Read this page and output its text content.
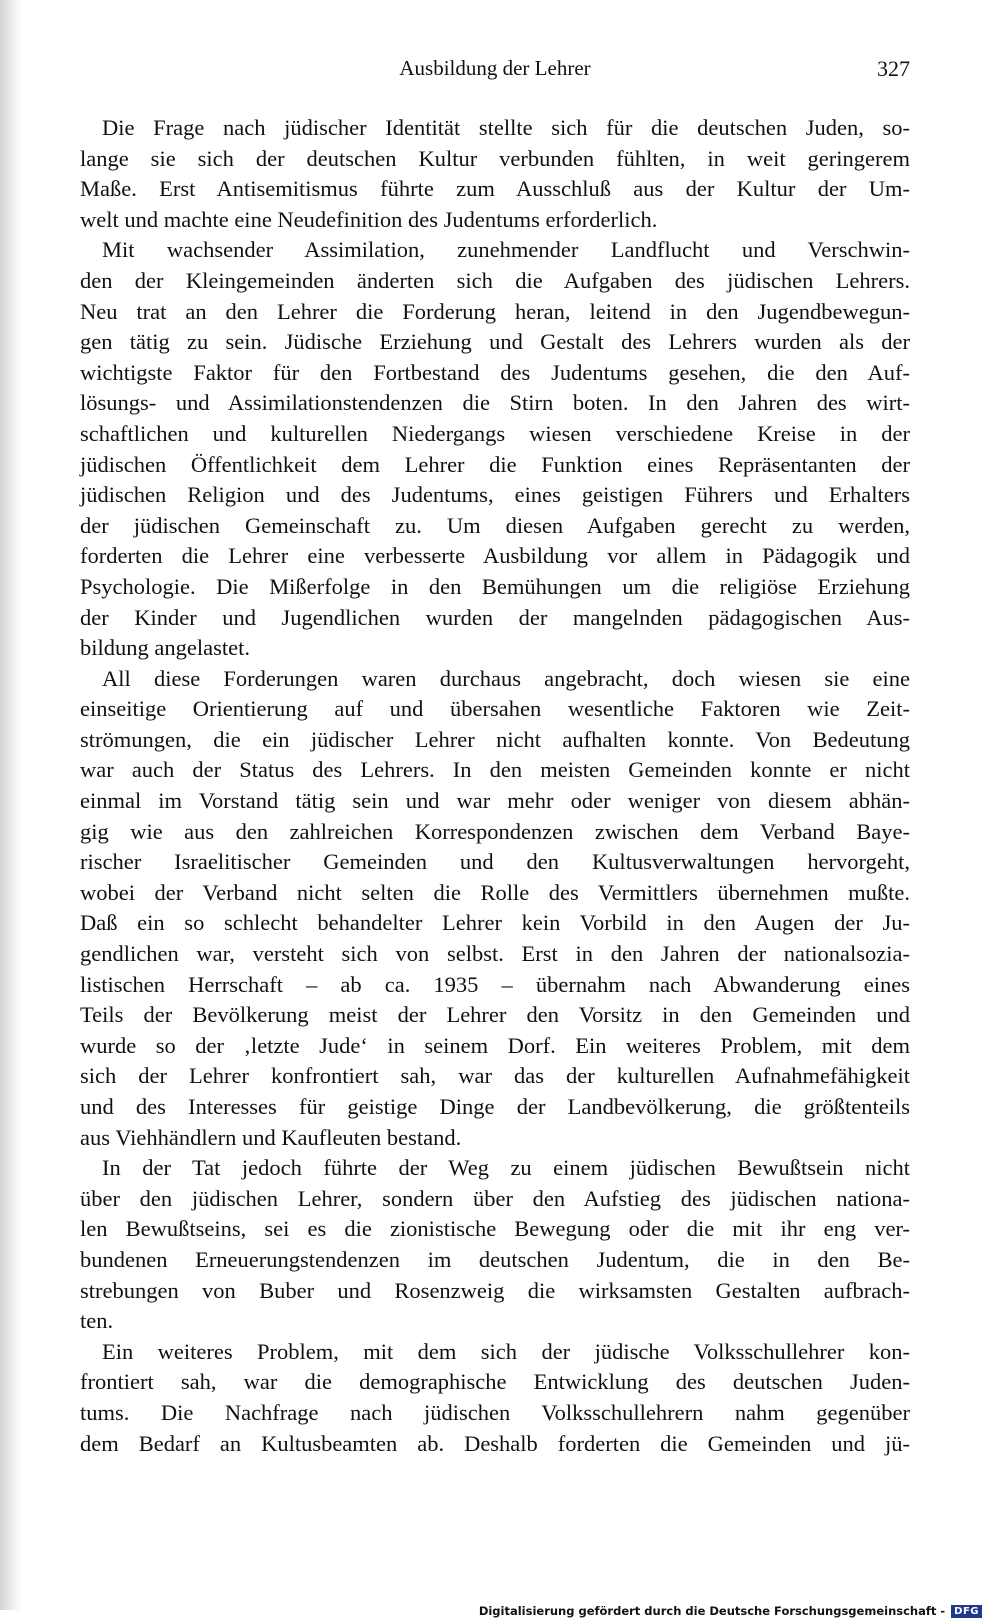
Ausbildung der Lehrer	327
Die Frage nach jüdischer Identität stellte sich für die deutschen Juden, so-
lange sie sich der deutschen Kultur verbunden fühlten, in weit geringerem
Maße. Erst Antisemitismus führte zum Ausschluß aus der Kultur der Um-
welt und machte eine Neudefinition des Judentums erforderlich.
Mit wachsender Assimilation, zunehmender Landflucht und Verschwin-
den der Kleingemeinden änderten sich die Aufgaben des jüdischen Lehrers.
Neu trat an den Lehrer die Forderung heran, leitend in den Jugendbewegun-
gen tätig zu sein. Jüdische Erziehung und Gestalt des Lehrers wurden als der
wichtigste Faktor für den Fortbestand des Judentums gesehen, die den Auf-
lösungs- und Assimilationstendenzen die Stirn boten. In den Jahren des wirt-
schaftlichen und kulturellen Niedergangs wiesen verschiedene Kreise in der
jüdischen Öffentlichkeit dem Lehrer die Funktion eines Repräsentanten der
jüdischen Religion und des Judentums, eines geistigen Führers und Erhalters
der jüdischen Gemeinschaft zu. Um diesen Aufgaben gerecht zu werden,
forderten die Lehrer eine verbesserte Ausbildung vor allem in Pädagogik und
Psychologie. Die Mißerfolge in den Bemühungen um die religiöse Erziehung
der Kinder und Jugendlichen wurden der mangelnden pädagogischen Aus-
bildung angelastet.
All diese Forderungen waren durchaus angebracht, doch wiesen sie eine
einseitige Orientierung auf und übersahen wesentliche Faktoren wie Zeit-
strömungen, die ein jüdischer Lehrer nicht aufhalten konnte. Von Bedeutung
war auch der Status des Lehrers. In den meisten Gemeinden konnte er nicht
einmal im Vorstand tätig sein und war mehr oder weniger von diesem abhän-
gig wie aus den zahlreichen Korrespondenzen zwischen dem Verband Baye-
rischer Israelitischer Gemeinden und den Kultusverwaltungen hervorgeht,
wobei der Verband nicht selten die Rolle des Vermittlers übernehmen mußte.
Daß ein so schlecht behandelter Lehrer kein Vorbild in den Augen der Ju-
gendlichen war, versteht sich von selbst. Erst in den Jahren der nationalsozia-
listischen Herrschaft – ab ca. 1935 – übernahm nach Abwanderung eines
Teils der Bevölkerung meist der Lehrer den Vorsitz in den Gemeinden und
wurde so der ‚letzte Jude‘ in seinem Dorf. Ein weiteres Problem, mit dem
sich der Lehrer konfrontiert sah, war das der kulturellen Aufnahmefähigkeit
und des Interesses für geistige Dinge der Landbevölkerung, die größtenteils
aus Viehhändlern und Kaufleuten bestand.
In der Tat jedoch führte der Weg zu einem jüdischen Bewußtsein nicht
über den jüdischen Lehrer, sondern über den Aufstieg des jüdischen nationa-
len Bewußtseins, sei es die zionistische Bewegung oder die mit ihr eng ver-
bundenen Erneuerungstendenzen im deutschen Judentum, die in den Be-
strebungen von Buber und Rosenzweig die wirksamsten Gestalten aufbrach-
ten.
Ein weiteres Problem, mit dem sich der jüdische Volksschullehrer kon-
frontiert sah, war die demographische Entwicklung des deutschen Juden-
tums. Die Nachfrage nach jüdischen Volksschullehrern nahm gegenüber
dem Bedarf an Kultusbeamten ab. Deshalb forderten die Gemeinden und jü-
Digitalisierung gefördert durch die Deutsche Forschungsgemeinschaft - DFG
